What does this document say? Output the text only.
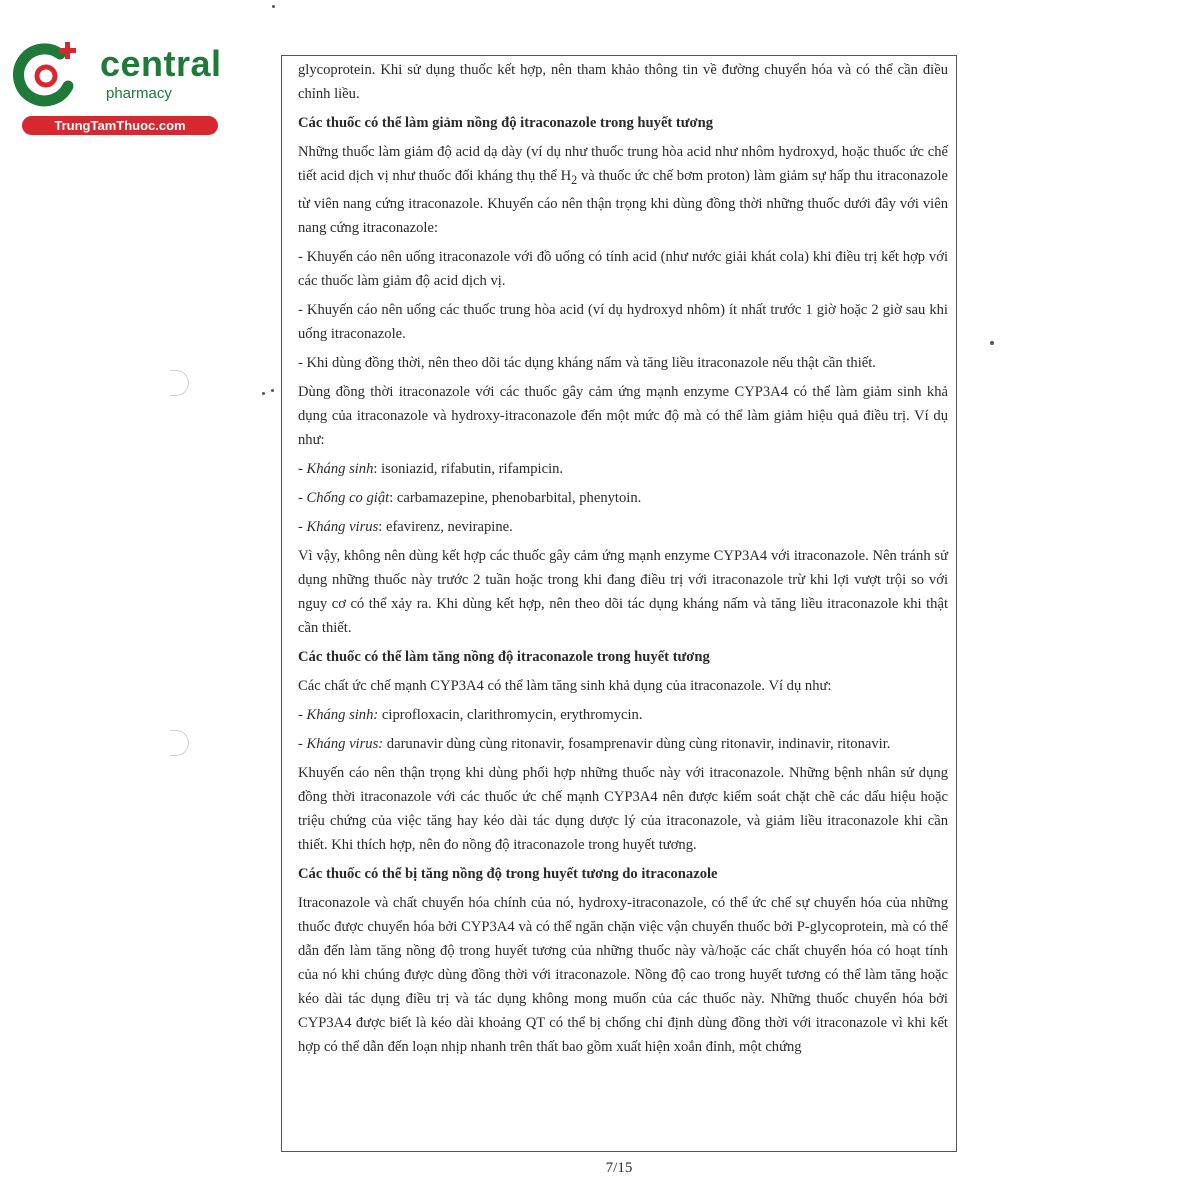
central
pharmacy
TrungTamThuoc.com

glycoprotein. Khi sử dụng thuốc kết hợp, nên tham khảo thông tin về đường chuyển hóa và có thể cần điều chỉnh liều.

Các thuốc có thể làm giảm nồng độ itraconazole trong huyết tương

Những thuốc làm giảm độ acid dạ dày (ví dụ như thuốc trung hòa acid như nhôm hydroxyd, hoặc thuốc ức chế tiết acid dịch vị như thuốc đối kháng thụ thể $H_2$ và thuốc ức chế bơm proton) làm giảm sự hấp thu itraconazole từ viên nang cứng itraconazole. Khuyến cáo nên thận trọng khi dùng đồng thời những thuốc dưới đây với viên nang cứng itraconazole:

- Khuyến cáo nên uống itraconazole với đồ uống có tính acid (như nước giải khát cola) khi điều trị kết hợp với các thuốc làm giảm độ acid dịch vị.

- Khuyến cáo nên uống các thuốc trung hòa acid (ví dụ hydroxyd nhôm) ít nhất trước 1 giờ hoặc 2 giờ sau khi uống itraconazole.

- Khi dùng đồng thời, nên theo dõi tác dụng kháng nấm và tăng liều itraconazole nếu thật cần thiết.

Dùng đồng thời itraconazole với các thuốc gây cảm ứng mạnh enzyme CYP3A4 có thể làm giảm sinh khả dụng của itraconazole và hydroxy-itraconazole đến một mức độ mà có thể làm giảm hiệu quả điều trị. Ví dụ như:

- Kháng sinh: isoniazid, rifabutin, rifampicin.

- Chống co giật: carbamazepine, phenobarbital, phenytoin.

- Kháng virus: efavirenz, nevirapine.

Vì vậy, không nên dùng kết hợp các thuốc gây cảm ứng mạnh enzyme CYP3A4 với itraconazole. Nên tránh sử dụng những thuốc này trước 2 tuần hoặc trong khi đang điều trị với itraconazole trừ khi lợi vượt trội so với nguy cơ có thể xảy ra. Khi dùng kết hợp, nên theo dõi tác dụng kháng nấm và tăng liều itraconazole khi thật cần thiết.

Các thuốc có thể làm tăng nồng độ itraconazole trong huyết tương

Các chất ức chế mạnh CYP3A4 có thể làm tăng sinh khả dụng của itraconazole. Ví dụ như:

- Kháng sinh: ciprofloxacin, clarithromycin, erythromycin.

- Kháng virus: darunavir dùng cùng ritonavir, fosamprenavir dùng cùng ritonavir, indinavir, ritonavir.

Khuyến cáo nên thận trọng khi dùng phối hợp những thuốc này với itraconazole. Những bệnh nhân sử dụng đồng thời itraconazole với các thuốc ức chế mạnh CYP3A4 nên được kiểm soát chặt chẽ các dấu hiệu hoặc triệu chứng của việc tăng hay kéo dài tác dụng dược lý của itraconazole, và giảm liều itraconazole khi cần thiết. Khi thích hợp, nên đo nồng độ itraconazole trong huyết tương.

Các thuốc có thể bị tăng nồng độ trong huyết tương do itraconazole

Itraconazole và chất chuyển hóa chính của nó, hydroxy-itraconazole, có thể ức chế sự chuyển hóa của những thuốc được chuyển hóa bởi CYP3A4 và có thể ngăn chặn việc vận chuyển thuốc bởi P-glycoprotein, mà có thể dẫn đến làm tăng nồng độ trong huyết tương của những thuốc này và/hoặc các chất chuyển hóa có hoạt tính của nó khi chúng được dùng đồng thời với itraconazole. Nồng độ cao trong huyết tương có thể làm tăng hoặc kéo dài tác dụng điều trị và tác dụng không mong muốn của các thuốc này. Những thuốc chuyển hóa bởi CYP3A4 được biết là kéo dài khoảng QT có thể bị chống chỉ định dùng đồng thời với itraconazole vì khi kết hợp có thể dẫn đến loạn nhịp nhanh trên thất bao gồm xuất hiện xoắn đỉnh, một chứng

7/15
